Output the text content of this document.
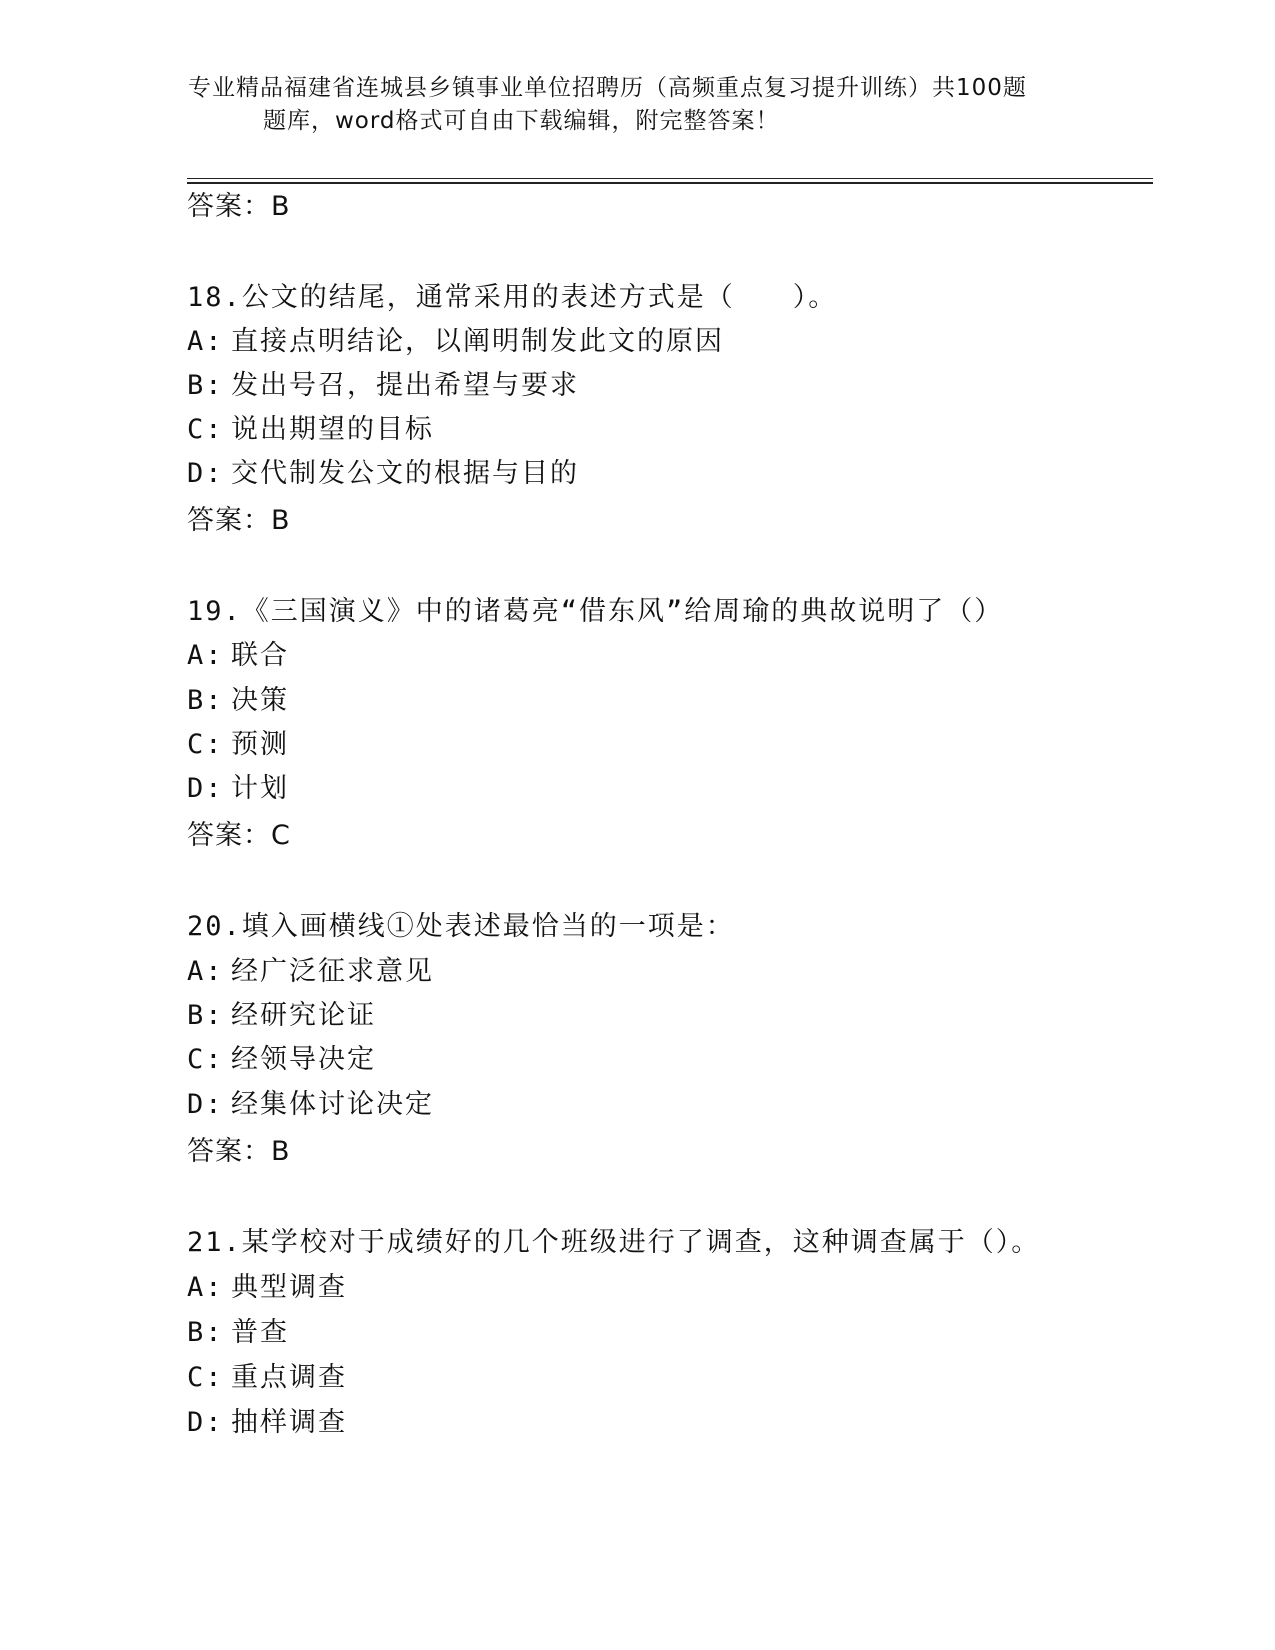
专业精品福建省连城县乡镇事业单位招聘历（高频重点复习提升训练）共100题
题库，word格式可自由下载编辑，附完整答案！
答案：B
18.公文的结尾，通常采用的表述方式是（　　）。
A: 直接点明结论，以阐明制发此文的原因
B: 发出号召，提出希望与要求
C: 说出期望的目标
D: 交代制发公文的根据与目的
答案：B
19.《三国演义》中的诸葛亮“借东风”给周瑜的典故说明了（）
A: 联合
B: 决策
C: 预测
D: 计划
答案：C
20.填入画横线①处表述最恰当的一项是：
A: 经广泛征求意见
B: 经研究论证
C: 经领导决定
D: 经集体讨论决定
答案：B
21.某学校对于成绩好的几个班级进行了调查，这种调查属于（）。
A: 典型调查
B: 普查
C: 重点调查
D: 抽样调查
